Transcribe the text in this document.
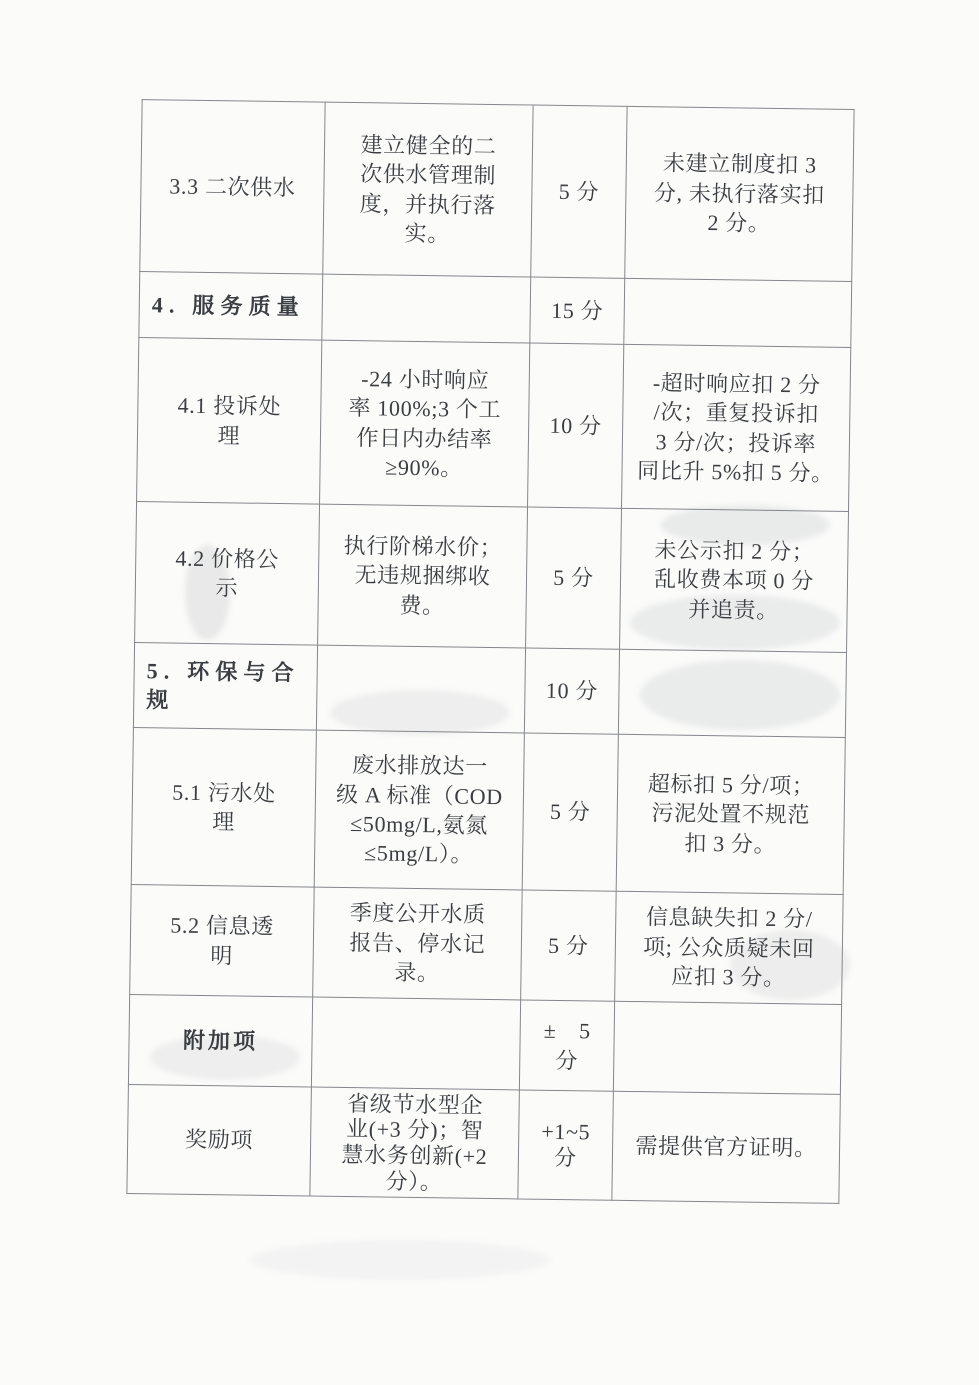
3.3 二次供水	建立健全的二
次供水管理制
度，并执行落
实。	5 分	未建立制度扣 3
分, 未执行落实扣
2 分。
4. 服务质量		15 分	
4.1 投诉处
理	-24 小时响应
率 100%;3 个工
作日内办结率
≥90%。	10 分	-超时响应扣 2 分
/次；重复投诉扣
3 分/次；投诉率
同比升 5%扣 5 分。
4.2 价格公
示	执行阶梯水价；
无违规捆绑收
费。	5 分	未公示扣 2 分；
乱收费本项 0 分
并追责。
5. 环保与合
规		10 分	
5.1 污水处
理	废水排放达一
级 A 标准（COD
≤50mg/L,氨氮
≤5mg/L）。	5 分	超标扣 5 分/项；
污泥处置不规范
扣 3 分。
5.2 信息透
明	季度公开水质
报告、停水记
录。	5 分	信息缺失扣 2 分/
项; 公众质疑未回
应扣 3 分。
附加项		±　5
分	
奖励项	省级节水型企
业(+3 分)；智
慧水务创新(+2
分）。	+1~5
分	需提供官方证明。
